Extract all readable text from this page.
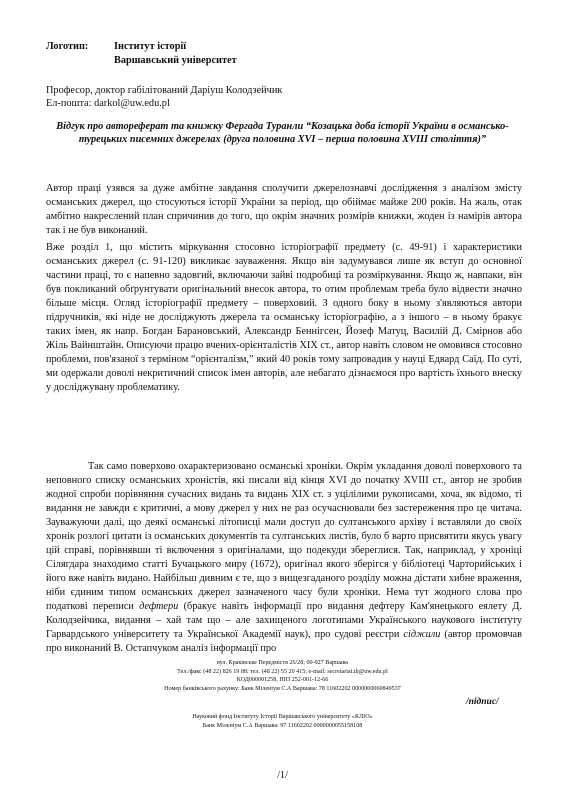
Логотип: Інститут історії
Варшавський університет
Професор, доктор габілітований Даріуш Колодзейчик
Ел-пошта: darkol@uw.edu.pl
Відгук про автореферат та книжку Фергада Туранли “Козацька доба історії України в османсько-турецьких писемних джерелах (друга половина XVI – перша половина XVIII століття)”
Автор праці узявся за дуже амбітне завдання сполучити джерелознавчі дослідження з аналізом змісту османських джерел, що стосуються історії України за період, що обіймає майже 200 років. На жаль, отак амбітно накреслений план спричинив до того, що окрім значних розмірів книжки, жоден із намірів автора так і не був виконаний.
Вже розділ 1, що містить міркування стосовно історіографії предмету (с. 49-91) і характеристики османських джерел (с. 91-120) викликає зауваження. Якщо він задумувався лише як вступ до основної частини праці, то є напевно задовгий, включаючи зайві подробиці та розміркування. Якщо ж, навпаки, він був покликаний обґрунтувати оригінальний внесок автора, то отим проблемам треба було відвести значно більше місця. Огляд історіографії предмету – поверховий. З одного боку в ньому з'являються автори підручників, які ніде не досліджують джерела та османську історіографію, а з іншого – в ньому бракує таких імен, як напр. Богдан Барановський, Александр Беннігсен, Йозеф Матуц, Василій Д. Смірнов або Жіль Вайнштайн. Описуючи працю вчених-орієнталістів XIX ст., автор навіть словом не омовився стосовно проблеми, пов'язаної з терміном “орієнталізм,” який 40 років тому запровадив у науці Едвард Саїд. По суті, ми одержали доволі некритичний список імен авторів, але небагато дізнаємося про вартість їхнього внеску у досліджувану проблематику.
Так само поверхово охарактеризовано османські хроніки. Окрім укладання доволі поверхового та неповного списку османських хроністів, які писали від кінця XVI до початку XVIII ст., автор не зробив жодної спроби порівняння сучасних видань та видань XIX ст. з уцілілими рукописами, хоча, як відомо, ті видання не завжди є критичні, а мову джерел у них не раз осучаснювали без застереження про це читача. Зауважуючи далі, що деякі османські літописці мали доступ до султанського архіву і вставляли до своїх хронік розлогі цитати із османських документів та султанських листів, було б варто присвятити якусь увагу цій справі, порівнявши ті включення з оригіналами, що подекуди збереглися. Так, наприклад, у хроніці Сілягдара знаходимо статті Бучацького миру (1672), оригінал якого зберігся у бібліотеці Чарторийських і його вже навіть видано. Найбільш дивним є те, що з вищезгаданого розділу можна дістати хибне враження, ніби єдиним типом османських джерел зазначеного часу були хроніки. Нема тут жодного слова про податкові переписи дефтери (бракує навіть інформації про видання дефтеру Кам'янецького еялету Д. Колодзейчика, видання – хай там що – але захищеного логотипами Українського наукового інституту Гарвардського університету та Української Академії наук), про судові реєстри сіджили (автор промовчав про виконаний В. Остапчуком аналіз інформації про
вул. Краківське Передмістя 26/28; 00-927 Варшава
Тел./факс (48 22) 826 19 88; тел. (48 22) 55 20 415; e-mail: secretariat.ih@uw.edu.pl
КОД000001258, НІП 252-001-12-66
Номер банківського рахунку: Банк Міленіум С.А Варшава: 78 11602202 0000000060849537
/підпис/
Науковий фонд Інституту Історії Варшавського університету «КЛІО»
Банк Міленіум С.А Варшава: 97 11602202 0000000055158108
/1/
